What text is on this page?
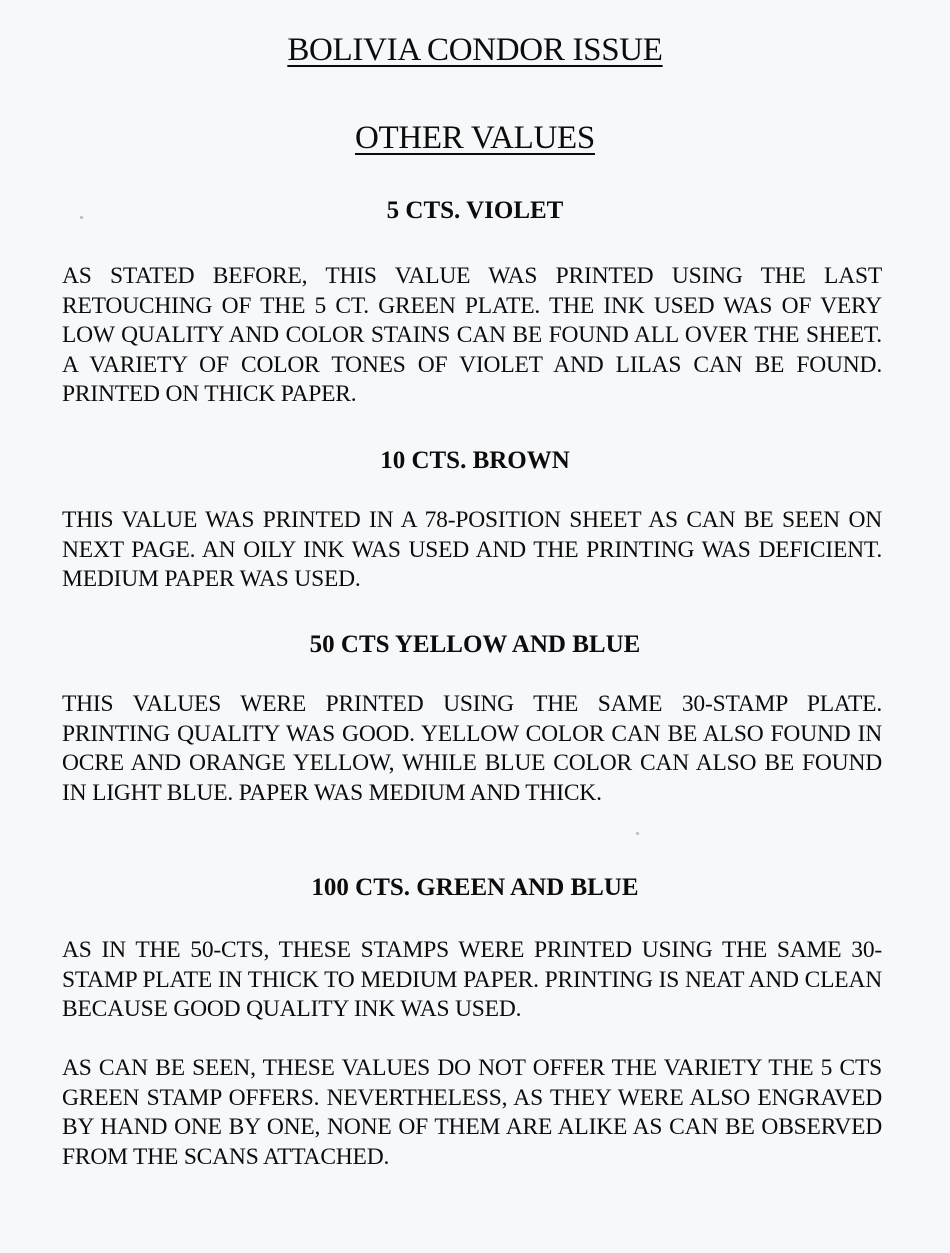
BOLIVIA CONDOR ISSUE
OTHER VALUES
5 CTS. VIOLET

AS STATED BEFORE, THIS VALUE WAS PRINTED USING THE LAST RETOUCHING OF THE 5 CT. GREEN PLATE. THE INK USED WAS OF VERY LOW QUALITY AND COLOR STAINS CAN BE FOUND ALL OVER THE SHEET. A VARIETY OF COLOR TONES OF VIOLET AND LILAS CAN BE FOUND. PRINTED ON THICK PAPER.

10 CTS. BROWN

THIS VALUE WAS PRINTED IN A 78-POSITION SHEET AS CAN BE SEEN ON NEXT PAGE. AN OILY INK WAS USED AND THE PRINTING WAS DEFICIENT. MEDIUM PAPER WAS USED.

50 CTS YELLOW AND BLUE

THIS VALUES WERE PRINTED USING THE SAME 30-STAMP PLATE. PRINTING QUALITY WAS GOOD. YELLOW COLOR CAN BE ALSO FOUND IN OCRE AND ORANGE YELLOW, WHILE BLUE COLOR CAN ALSO BE FOUND IN LIGHT BLUE. PAPER WAS MEDIUM AND THICK.

100 CTS. GREEN AND BLUE

AS IN THE 50-CTS, THESE STAMPS WERE PRINTED USING THE SAME 30-STAMP PLATE IN THICK TO MEDIUM PAPER. PRINTING IS NEAT AND CLEAN BECAUSE GOOD QUALITY INK WAS USED.

AS CAN BE SEEN, THESE VALUES DO NOT OFFER THE VARIETY THE 5 CTS GREEN STAMP OFFERS. NEVERTHELESS, AS THEY WERE ALSO ENGRAVED BY HAND ONE BY ONE, NONE OF THEM ARE ALIKE AS CAN BE OBSERVED FROM THE SCANS ATTACHED.
